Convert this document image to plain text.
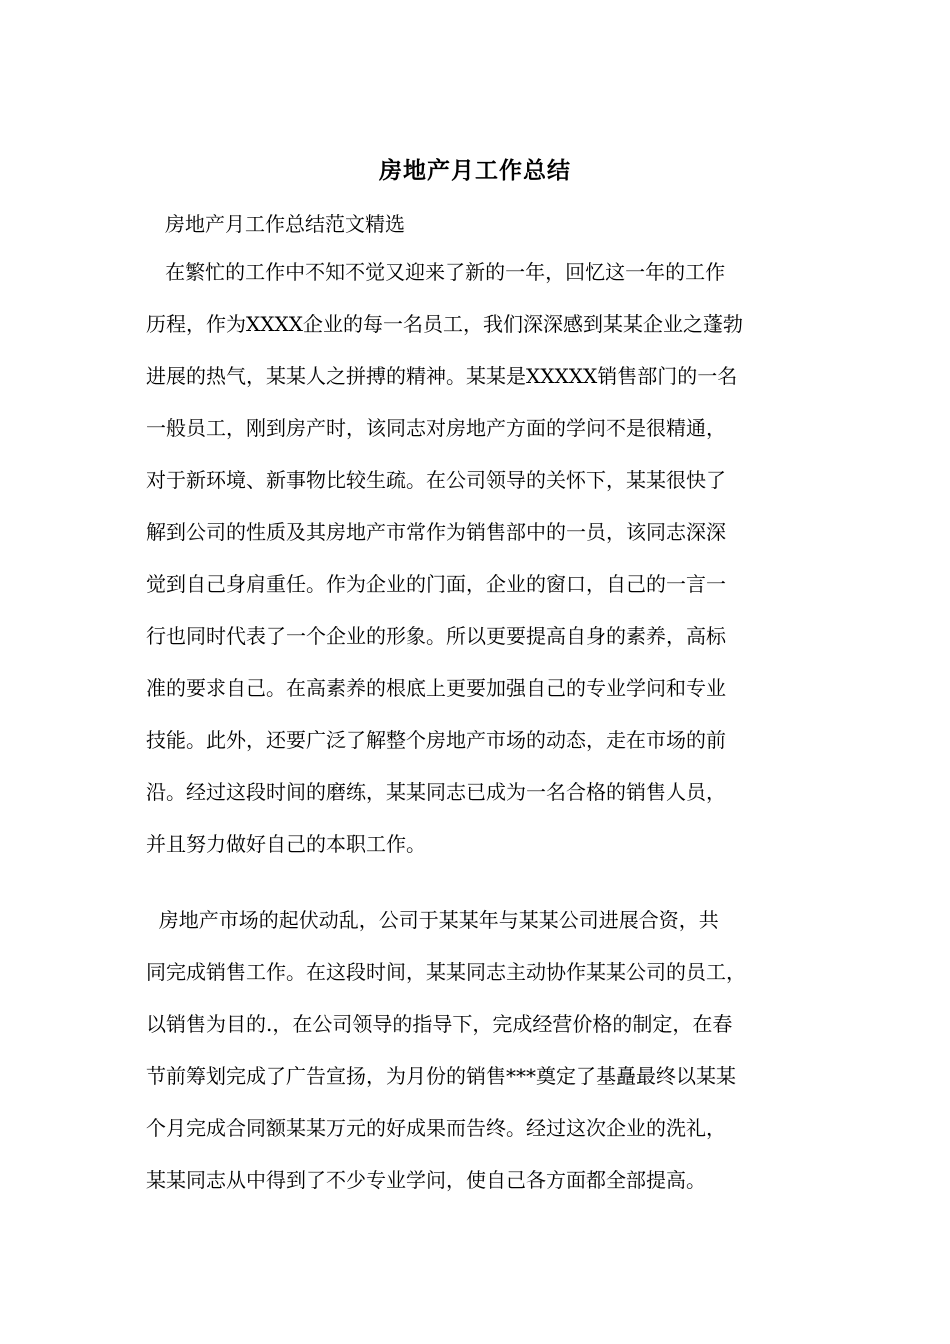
房地产月工作总结
房地产月工作总结范文精选
在繁忙的工作中不知不觉又迎来了新的一年，回忆这一年的工作
历程，作为XXXX企业的每一名员工，我们深深感到某某企业之蓬勃
进展的热气，某某人之拼搏的精神。某某是XXXXX销售部门的一名
一般员工，刚到房产时，该同志对房地产方面的学问不是很精通，
对于新环境、新事物比较生疏。在公司领导的关怀下，某某很快了
解到公司的性质及其房地产市常作为销售部中的一员，该同志深深
觉到自己身肩重任。作为企业的门面，企业的窗口，自己的一言一
行也同时代表了一个企业的形象。所以更要提高自身的素养，高标
准的要求自己。在高素养的根底上更要加强自己的专业学问和专业
技能。此外，还要广泛了解整个房地产市场的动态，走在市场的前
沿。经过这段时间的磨练，某某同志已成为一名合格的销售人员，
并且努力做好自己的本职工作。
房地产市场的起伏动乱，公司于某某年与某某公司进展合资，共
同完成销售工作。在这段时间，某某同志主动协作某某公司的员工，
以销售为目的.，在公司领导的指导下，完成经营价格的制定，在春
节前筹划完成了广告宣扬，为月份的销售***奠定了基矗最终以某某
个月完成合同额某某万元的好成果而告终。经过这次企业的洗礼，
某某同志从中得到了不少专业学问，使自己各方面都全部提高。
